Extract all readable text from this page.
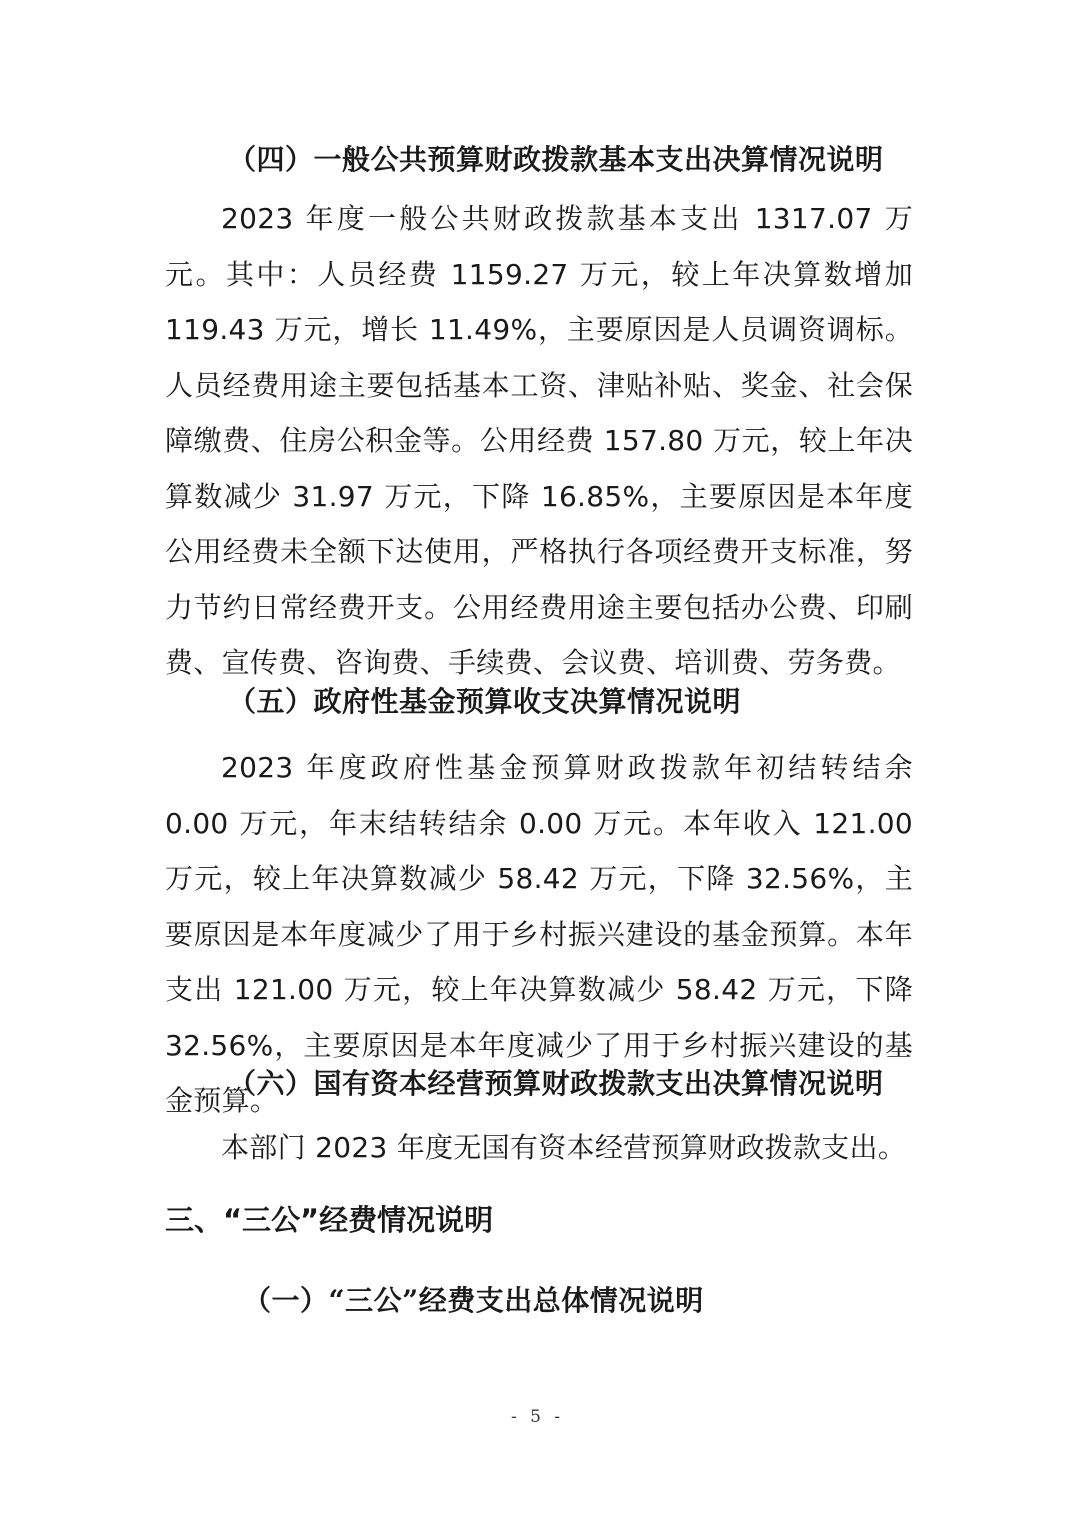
（四）一般公共预算财政拨款基本支出决算情况说明
2023 年度一般公共财政拨款基本支出 1317.07 万元。其中：人员经费 1159.27 万元，较上年决算数增加 119.43 万元，增长 11.49%，主要原因是人员调资调标。人员经费用途主要包括基本工资、津贴补贴、奖金、社会保障缴费、住房公积金等。公用经费 157.80 万元，较上年决算数减少 31.97 万元，下降 16.85%，主要原因是本年度公用经费未全额下达使用，严格执行各项经费开支标准，努力节约日常经费开支。公用经费用途主要包括办公费、印刷费、宣传费、咨询费、手续费、会议费、培训费、劳务费。
（五）政府性基金预算收支决算情况说明
2023 年度政府性基金预算财政拨款年初结转结余 0.00 万元，年末结转结余 0.00 万元。本年收入 121.00 万元，较上年决算数减少 58.42 万元，下降 32.56%，主要原因是本年度减少了用于乡村振兴建设的基金预算。本年支出 121.00 万元，较上年决算数减少 58.42 万元，下降 32.56%，主要原因是本年度减少了用于乡村振兴建设的基金预算。
（六）国有资本经营预算财政拨款支出决算情况说明
本部门 2023 年度无国有资本经营预算财政拨款支出。
三、“三公”经费情况说明
（一）“三公”经费支出总体情况说明
- 5 -
